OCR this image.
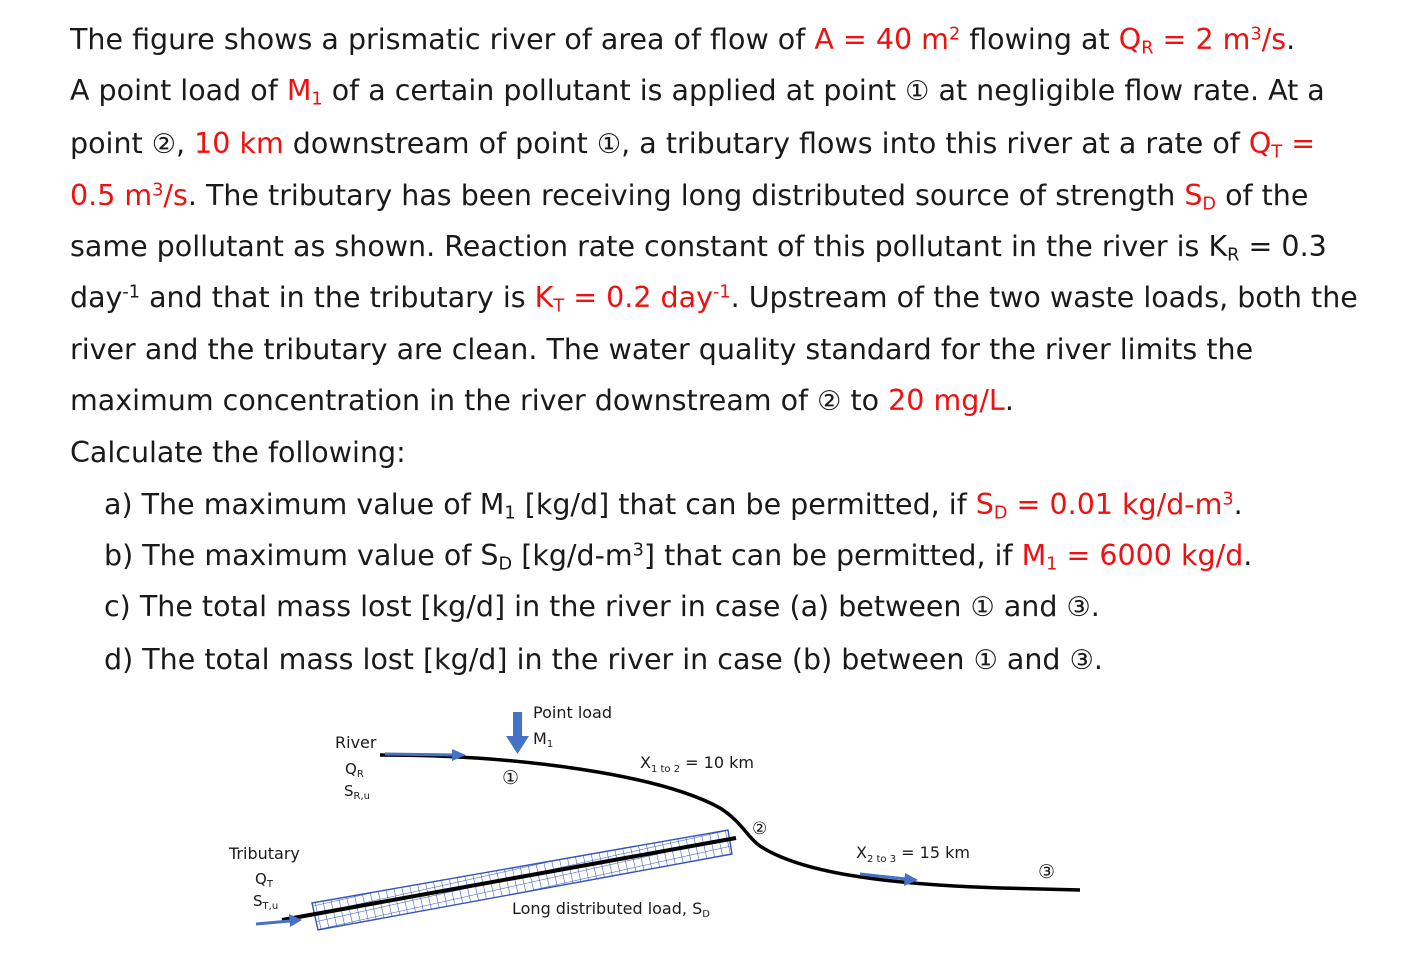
The figure shows a prismatic river of area of flow of A = 40 $m^2$ flowing at $Q_R = 2$ $m^3/s$.
A point load of $M_1$ of a certain pollutant is applied at point ① at negligible flow rate. At a
point ②, 10 km downstream of point ①, a tributary flows into this river at a rate of $Q_T$ =
0.5 $m^3/s$. The tributary has been receiving long distributed source of strength $S_D$ of the
same pollutant as shown. Reaction rate constant of this pollutant in the river is $K_R = 0.3$
day$^{-1}$ and that in the tributary is $K_T = 0.2$ day$^{-1}$. Upstream of the two waste loads, both the
river and the tributary are clean. The water quality standard for the river limits the
maximum concentration in the river downstream of ② to 20 mg/L.
Calculate the following:
a) The maximum value of $M_1$ [kg/d] that can be permitted, if $S_D = 0.01$ $kg/d-m^3$.
b) The maximum value of $S_D$ $[kg/d-m^3]$ that can be permitted, if $M_1 = 6000$ kg/d.
c) The total mass lost [kg/d] in the river in case (a) between ① and ③.
d) The total mass lost [kg/d] in the river in case (b) between ① and ③.
Point load
M1
River
$Q_R$
$S_{R,u}$
Tributary
$Q_T$
$S_{T,u}$
$X_{1 to 2} = 10$ km
$X_{2 to 3} = 15$ km
Long distributed load, SD
①
②
③
